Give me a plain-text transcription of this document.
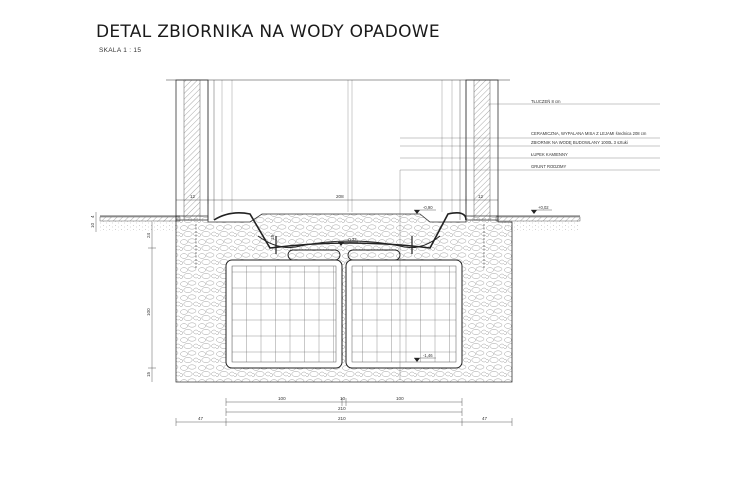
DETAL ZBIORNIKA NA WODY OPADOWE
SKALA 1 : 15
+0,02
-0,90
-0,32
-1,46
TŁUCZEŃ 8 cm
CERAMICZNA, WYPALANA MISA Z LEJAMI średnica 208 cm
ZBIORNIK NA WODĘ BUDOWLANY 1000L 3 sztuki
ŁUPEK KAMIENNY
GRUNT RODZIMY
12	208	12
24
100
15
10
4
18
100	10	100
210
47	210	47
